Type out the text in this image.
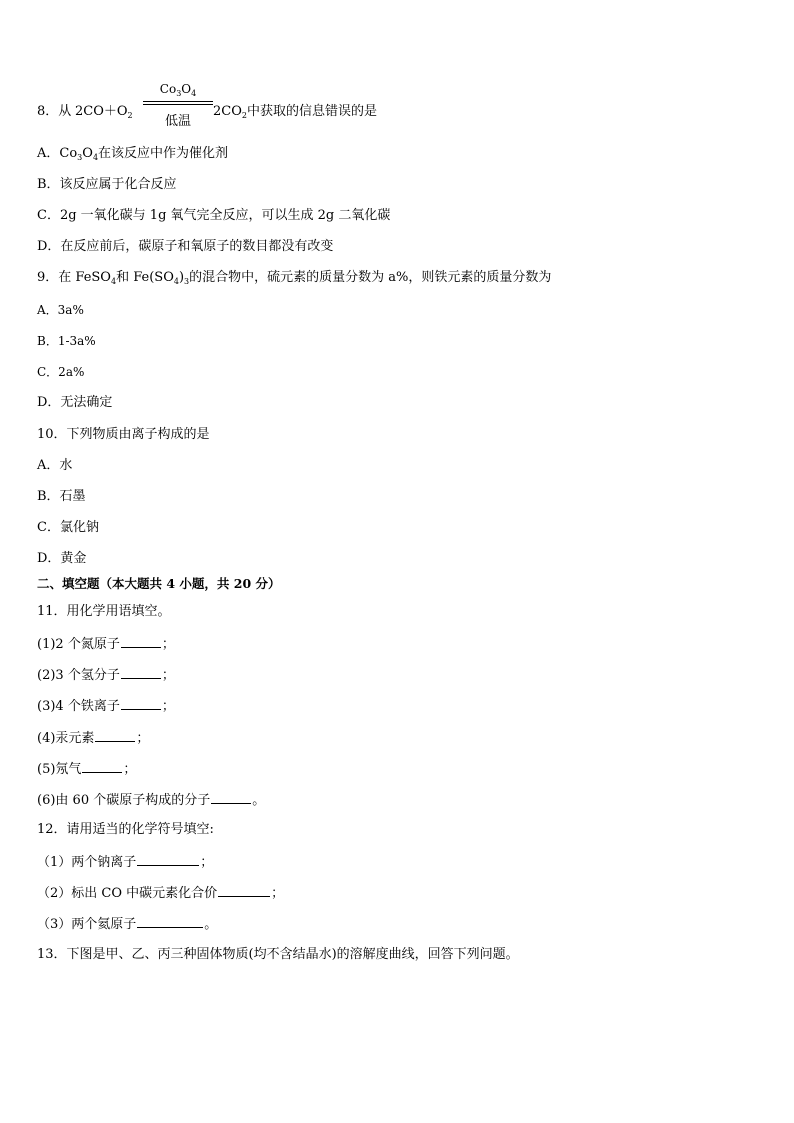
8．从 $2CO+O_2$
$Co_3O_4$
低温
$2CO_2$中获取的信息错误的是
A．$Co_3O_4$在该反应中作为催化剂
B．该反应属于化合反应
C．2g 一氧化碳与 1g 氧气完全反应，可以生成 2g 二氧化碳
D．在反应前后，碳原子和氧原子的数目都没有改变
9．在 FeSO$_4$和 $Fe(SO_4)_3$的混合物中，硫元素的质量分数为 a%，则铁元素的质量分数为
A．3a%
B．1-3a%
C．2a%
D．无法确定
10．下列物质由离子构成的是
A．水
B．石墨
C．氯化钠
D．黄金
二、填空题（本大题共 4 小题，共 20 分）
11．用化学用语填空。
(1)2 个氮原子	；
(2)3 个氢分子	；
(3)4 个铁离子	；
(4)汞元素	；
(5)氖气	；
(6)由 60 个碳原子构成的分子	。
12．请用适当的化学符号填空:
（1）两个钠离子	；
（2）标出 CO 中碳元素化合价	；
（3）两个氦原子	。
13．下图是甲、乙、丙三种固体物质(均不含结晶水)的溶解度曲线，回答下列问题。
